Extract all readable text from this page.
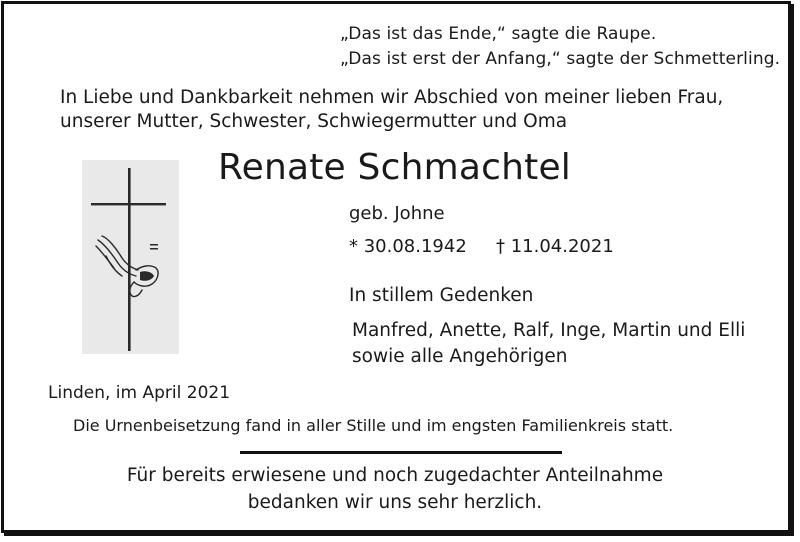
„Das ist das Ende,“ sagte die Raupe.
„Das ist erst der Anfang,“ sagte der Schmetterling.
In Liebe und Dankbarkeit nehmen wir Abschied von meiner lieben Frau,
unserer Mutter, Schwester, Schwiegermutter und Oma
Renate Schmachtel
geb. Johne
* 30.08.1942 † 11.04.2021
In stillem Gedenken
Manfred, Anette, Ralf, Inge, Martin und Elli
sowie alle Angehörigen
Linden, im April 2021
Die Urnenbeisetzung fand in aller Stille und im engsten Familienkreis statt.
Für bereits erwiesene und noch zugedachter Anteilnahme
bedanken wir uns sehr herzlich.
